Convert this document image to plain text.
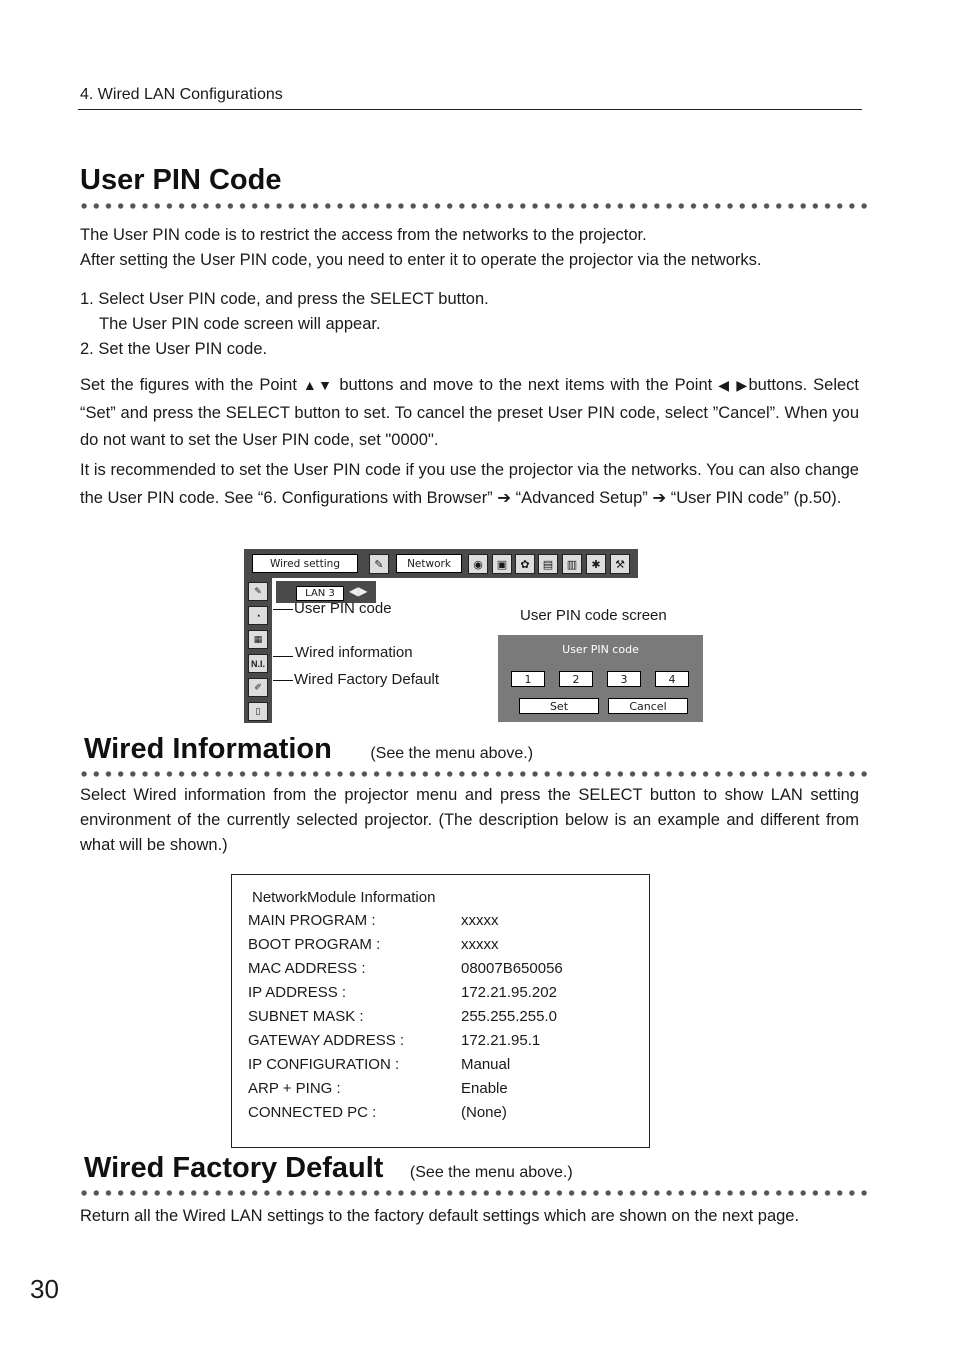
4. Wired LAN Configurations
User PIN Code
The User PIN code is to restrict the access from the networks to the projector.
After setting the User PIN code, you need to enter it to operate the projector via the networks.
1. Select User PIN code, and press the SELECT button.
The User PIN code screen will appear.
2. Set the User PIN code.
Set the figures with the Point ▲▼ buttons and move to the next items with the Point ◀ ▶buttons. Select “Set” and press the SELECT button to set. To cancel the preset User PIN code, select ”Cancel”. When you do not want to set the User PIN code, set "0000".
It is recommended to set the User PIN code if you use the projector via the networks. You can also change the User PIN code. See “6. Configurations with Browser” ➔ “Advanced Setup” ➔ “User PIN code” (p.50).
Wired setting	✎	Network	◉	▣	✿	▤	▥	✱	⚒
✎
◔
▦
N.I.
✐
▯
LAN 3	◀▶
User PIN code
Wired information
Wired Factory Default
User PIN code screen
User PIN code
1	2	3	4
Set	Cancel
Wired Information (See the menu above.)
Select Wired information from the projector menu and press the SELECT button to show LAN setting environment of the currently selected projector. (The description below is an example and different from what will be shown.)
NetworkModule Information
MAIN PROGRAM :	xxxxx
BOOT PROGRAM :	xxxxx
MAC ADDRESS :	08007B650056
IP ADDRESS :	172.21.95.202
SUBNET MASK :	255.255.255.0
GATEWAY ADDRESS :	172.21.95.1
IP CONFIGURATION :	Manual
ARP + PING :	Enable
CONNECTED PC :	(None)
Wired Factory Default (See the menu above.)
Return all the Wired LAN settings to the factory default settings which are shown on the next page.
30
